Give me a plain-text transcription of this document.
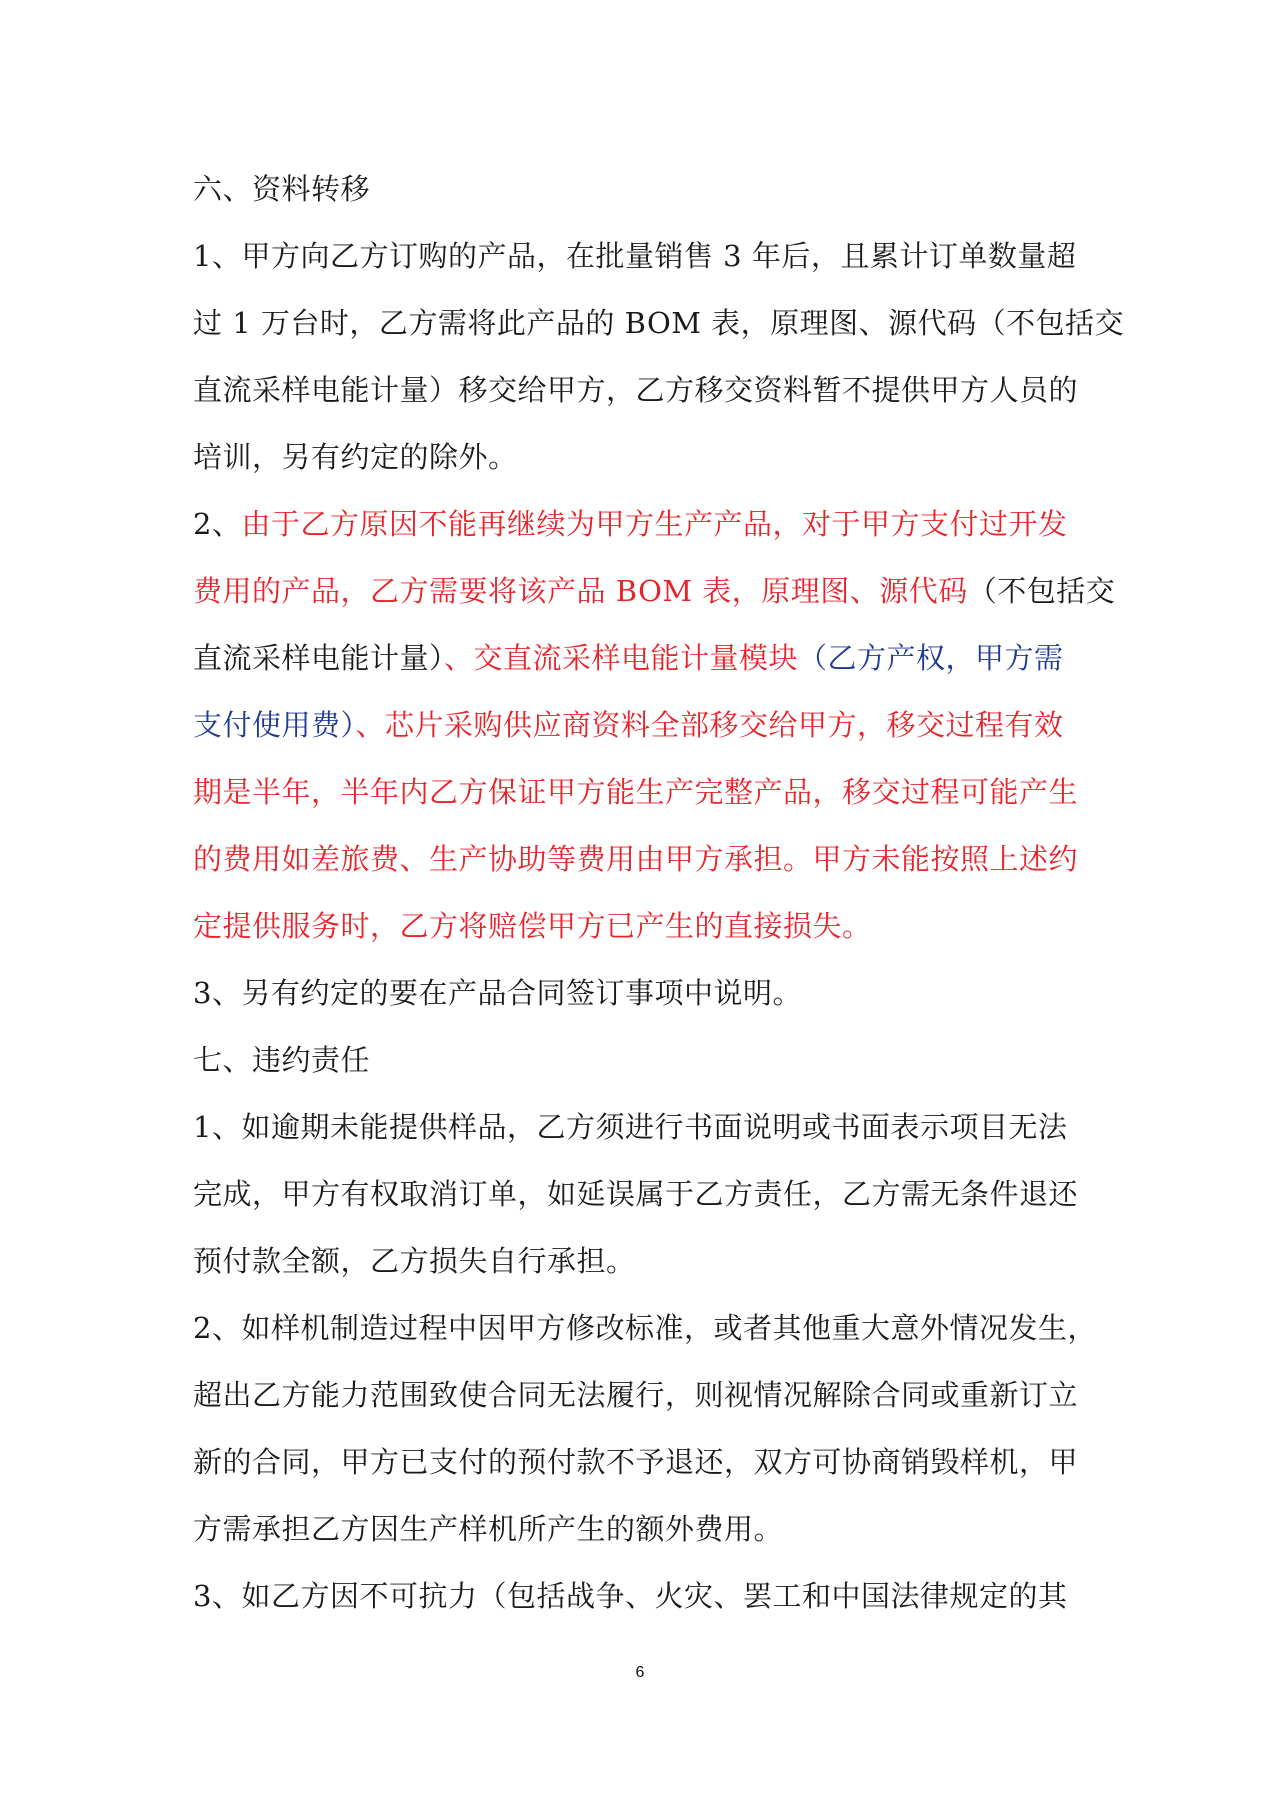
六、资料转移
1、甲方向乙方订购的产品，在批量销售 3 年后，且累计订单数量超
过 1 万台时，乙方需将此产品的 BOM 表，原理图、源代码（不包括交
直流采样电能计量）移交给甲方，乙方移交资料暂不提供甲方人员的
培训，另有约定的除外。
2、由于乙方原因不能再继续为甲方生产产品，对于甲方支付过开发
费用的产品，乙方需要将该产品 BOM 表，原理图、源代码（不包括交
直流采样电能计量）、交直流采样电能计量模块（乙方产权，甲方需
支付使用费）、芯片采购供应商资料全部移交给甲方，移交过程有效
期是半年，半年内乙方保证甲方能生产完整产品，移交过程可能产生
的费用如差旅费、生产协助等费用由甲方承担。甲方未能按照上述约
定提供服务时，乙方将赔偿甲方已产生的直接损失。
3、另有约定的要在产品合同签订事项中说明。
七、违约责任
1、如逾期未能提供样品，乙方须进行书面说明或书面表示项目无法
完成，甲方有权取消订单，如延误属于乙方责任，乙方需无条件退还
预付款全额，乙方损失自行承担。
2、如样机制造过程中因甲方修改标准，或者其他重大意外情况发生，
超出乙方能力范围致使合同无法履行，则视情况解除合同或重新订立
新的合同，甲方已支付的预付款不予退还，双方可协商销毁样机，甲
方需承担乙方因生产样机所产生的额外费用。
3、如乙方因不可抗力（包括战争、火灾、罢工和中国法律规定的其
6
